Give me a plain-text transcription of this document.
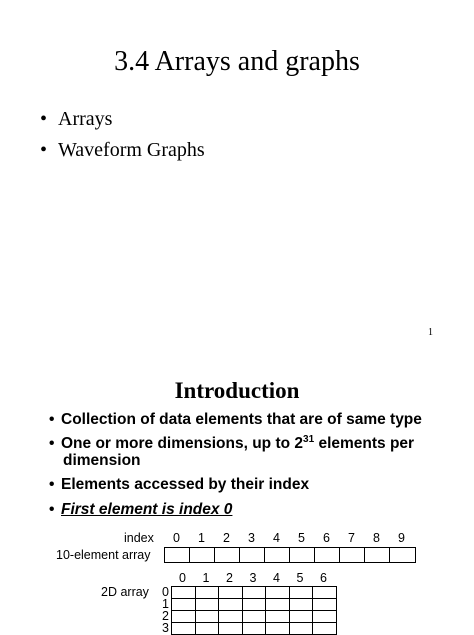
3.4 Arrays and graphs
• Arrays
• Waveform Graphs
1
Introduction
• Collection of data elements that are of same type
• One or more dimensions, up to $2^{31}$ elements per
dimension
• Elements accessed by their index
• First element is index 0
index 0 1 2 3 4 5 6 7 8 9
10-element array
0 1 2 3 4 5 6
2D array 0
1
2
3
